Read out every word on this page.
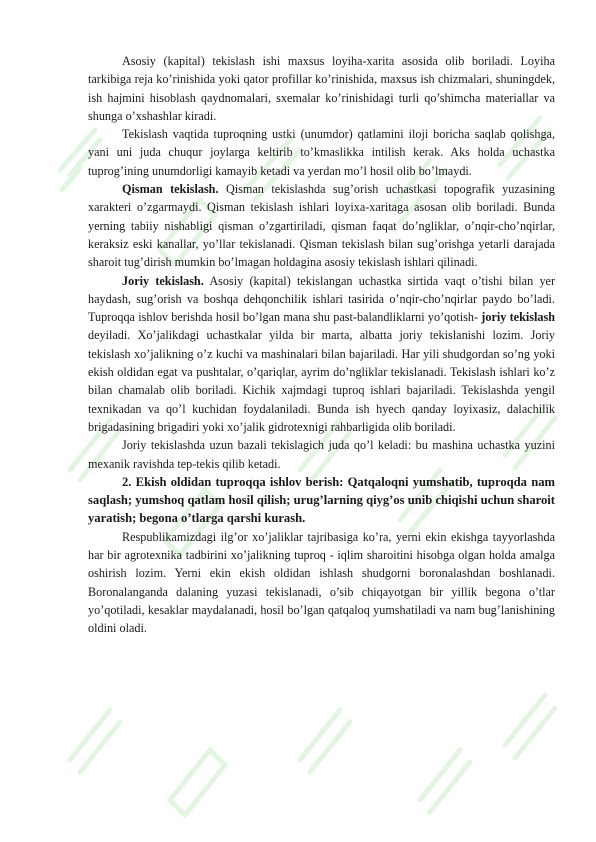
Asosiy (kapital) tekislash ishi maxsus loyiha-xarita asosida olib boriladi. Loyiha tarkibiga reja ko’rinishida yoki qator profillar ko’rinishida, maxsus ish chizmalari, shuningdek, ish hajmini hisoblash qaydnomalari, sxemalar ko’rinishidagi turli qo’shimcha materiallar va shunga o’xshashlar kiradi.

Tekislash vaqtida tuproqning ustki (unumdor) qatlamini iloji boricha saqlab qolishga, yani uni juda chuqur joylarga keltirib to’kmaslikka intilish kerak. Aks holda uchastka tuprog’ining unumdorligi kamayib ketadi va yerdan mo’l hosil olib bo’lmaydi.

Qisman tekislash. Qisman tekislashda sug’orish uchastkasi topografik yuzasining xarakteri o’zgarmaydi. Qisman tekislash ishlari loyixa-xaritaga asosan olib boriladi. Bunda yerning tabiiy nishabligi qisman o’zgartiriladi, qisman faqat do’ngliklar, o’nqir-cho’nqirlar, keraksiz eski kanallar, yo’llar tekislanadi. Qisman tekislash bilan sug’orishga yetarli darajada sharoit tug’dirish mumkin bo’lmagan holdagina asosiy tekislash ishlari qilinadi.

Joriy tekislash. Asosiy (kapital) tekislangan uchastka sirtida vaqt o’tishi bilan yer haydash, sug’orish va boshqa dehqonchilik ishlari tasirida o’nqir-cho’nqirlar paydo bo’ladi. Tuproqqa ishlov berishda hosil bo’lgan mana shu past-balandliklarni yo’qotish- joriy tekislash deyiladi. Xo’jalikdagi uchastkalar yilda bir marta, albatta joriy tekislanishi lozim. Joriy tekislash xo’jalikning o’z kuchi va mashinalari bilan bajariladi. Har yili shudgordan so’ng yoki ekish oldidan egat va pushtalar, o’qariqlar, ayrim do’ngliklar tekislanadi. Tekislash ishlari ko’z bilan chamalab olib boriladi. Kichik xajmdagi tuproq ishlari bajariladi. Tekislashda yengil texnikadan va qo’l kuchidan foydalaniladi. Bunda ish hyech qanday loyixasiz, dalachilik brigadasining brigadiri yoki xo’jalik gidrotexnigi rahbarligida olib boriladi.

Joriy tekislashda uzun bazali tekislagich juda qo’l keladi: bu mashina uchastka yuzini mexanik ravishda tep-tekis qilib ketadi.

2. Ekish oldidan tuproqqa ishlov berish: Qatqaloqni yumshatib, tuproqda nam saqlash; yumshoq qatlam hosil qilish; urug’larning qiyg’os unib chiqishi uchun sharoit yaratish; begona o’tlarga qarshi kurash.

Respublikamizdagi ilg’or xo’jaliklar tajribasiga ko’ra, yerni ekin ekishga tayyorlashda har bir agrotexnika tadbirini xo’jalikning tuproq - iqlim sharoitini hisobga olgan holda amalga oshirish lozim. Yerni ekin ekish oldidan ishlash shudgorni boronalashdan boshlanadi. Boronalanganda dalaning yuzasi tekislanadi, o’sib chiqayotgan bir yillik begona o’tlar yo’qotiladi, kesaklar maydalanadi, hosil bo’lgan qatqaloq yumshatiladi va nam bug’lanishining oldini oladi.
